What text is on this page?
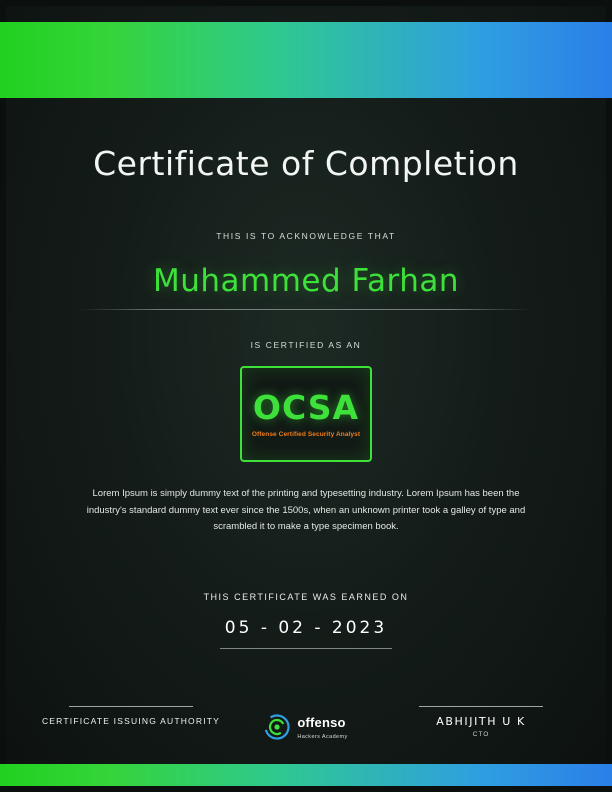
Certificate of Completion
THIS IS TO ACKNOWLEDGE THAT
Muhammed Farhan
IS CERTIFIED AS AN
OCSA
Offense Certified Security Analyst

Lorem Ipsum is simply dummy text of the printing and typesetting industry. Lorem Ipsum has been the industry's standard dummy text ever since the 1500s, when an unknown printer took a galley of type and scrambled it to make a type specimen book.

THIS CERTIFICATE WAS EARNED ON
05 - 02 - 2023
CERTIFICATE ISSUING AUTHORITY	offenso
Hackers Academy
ABHIJITH U K
CTO
